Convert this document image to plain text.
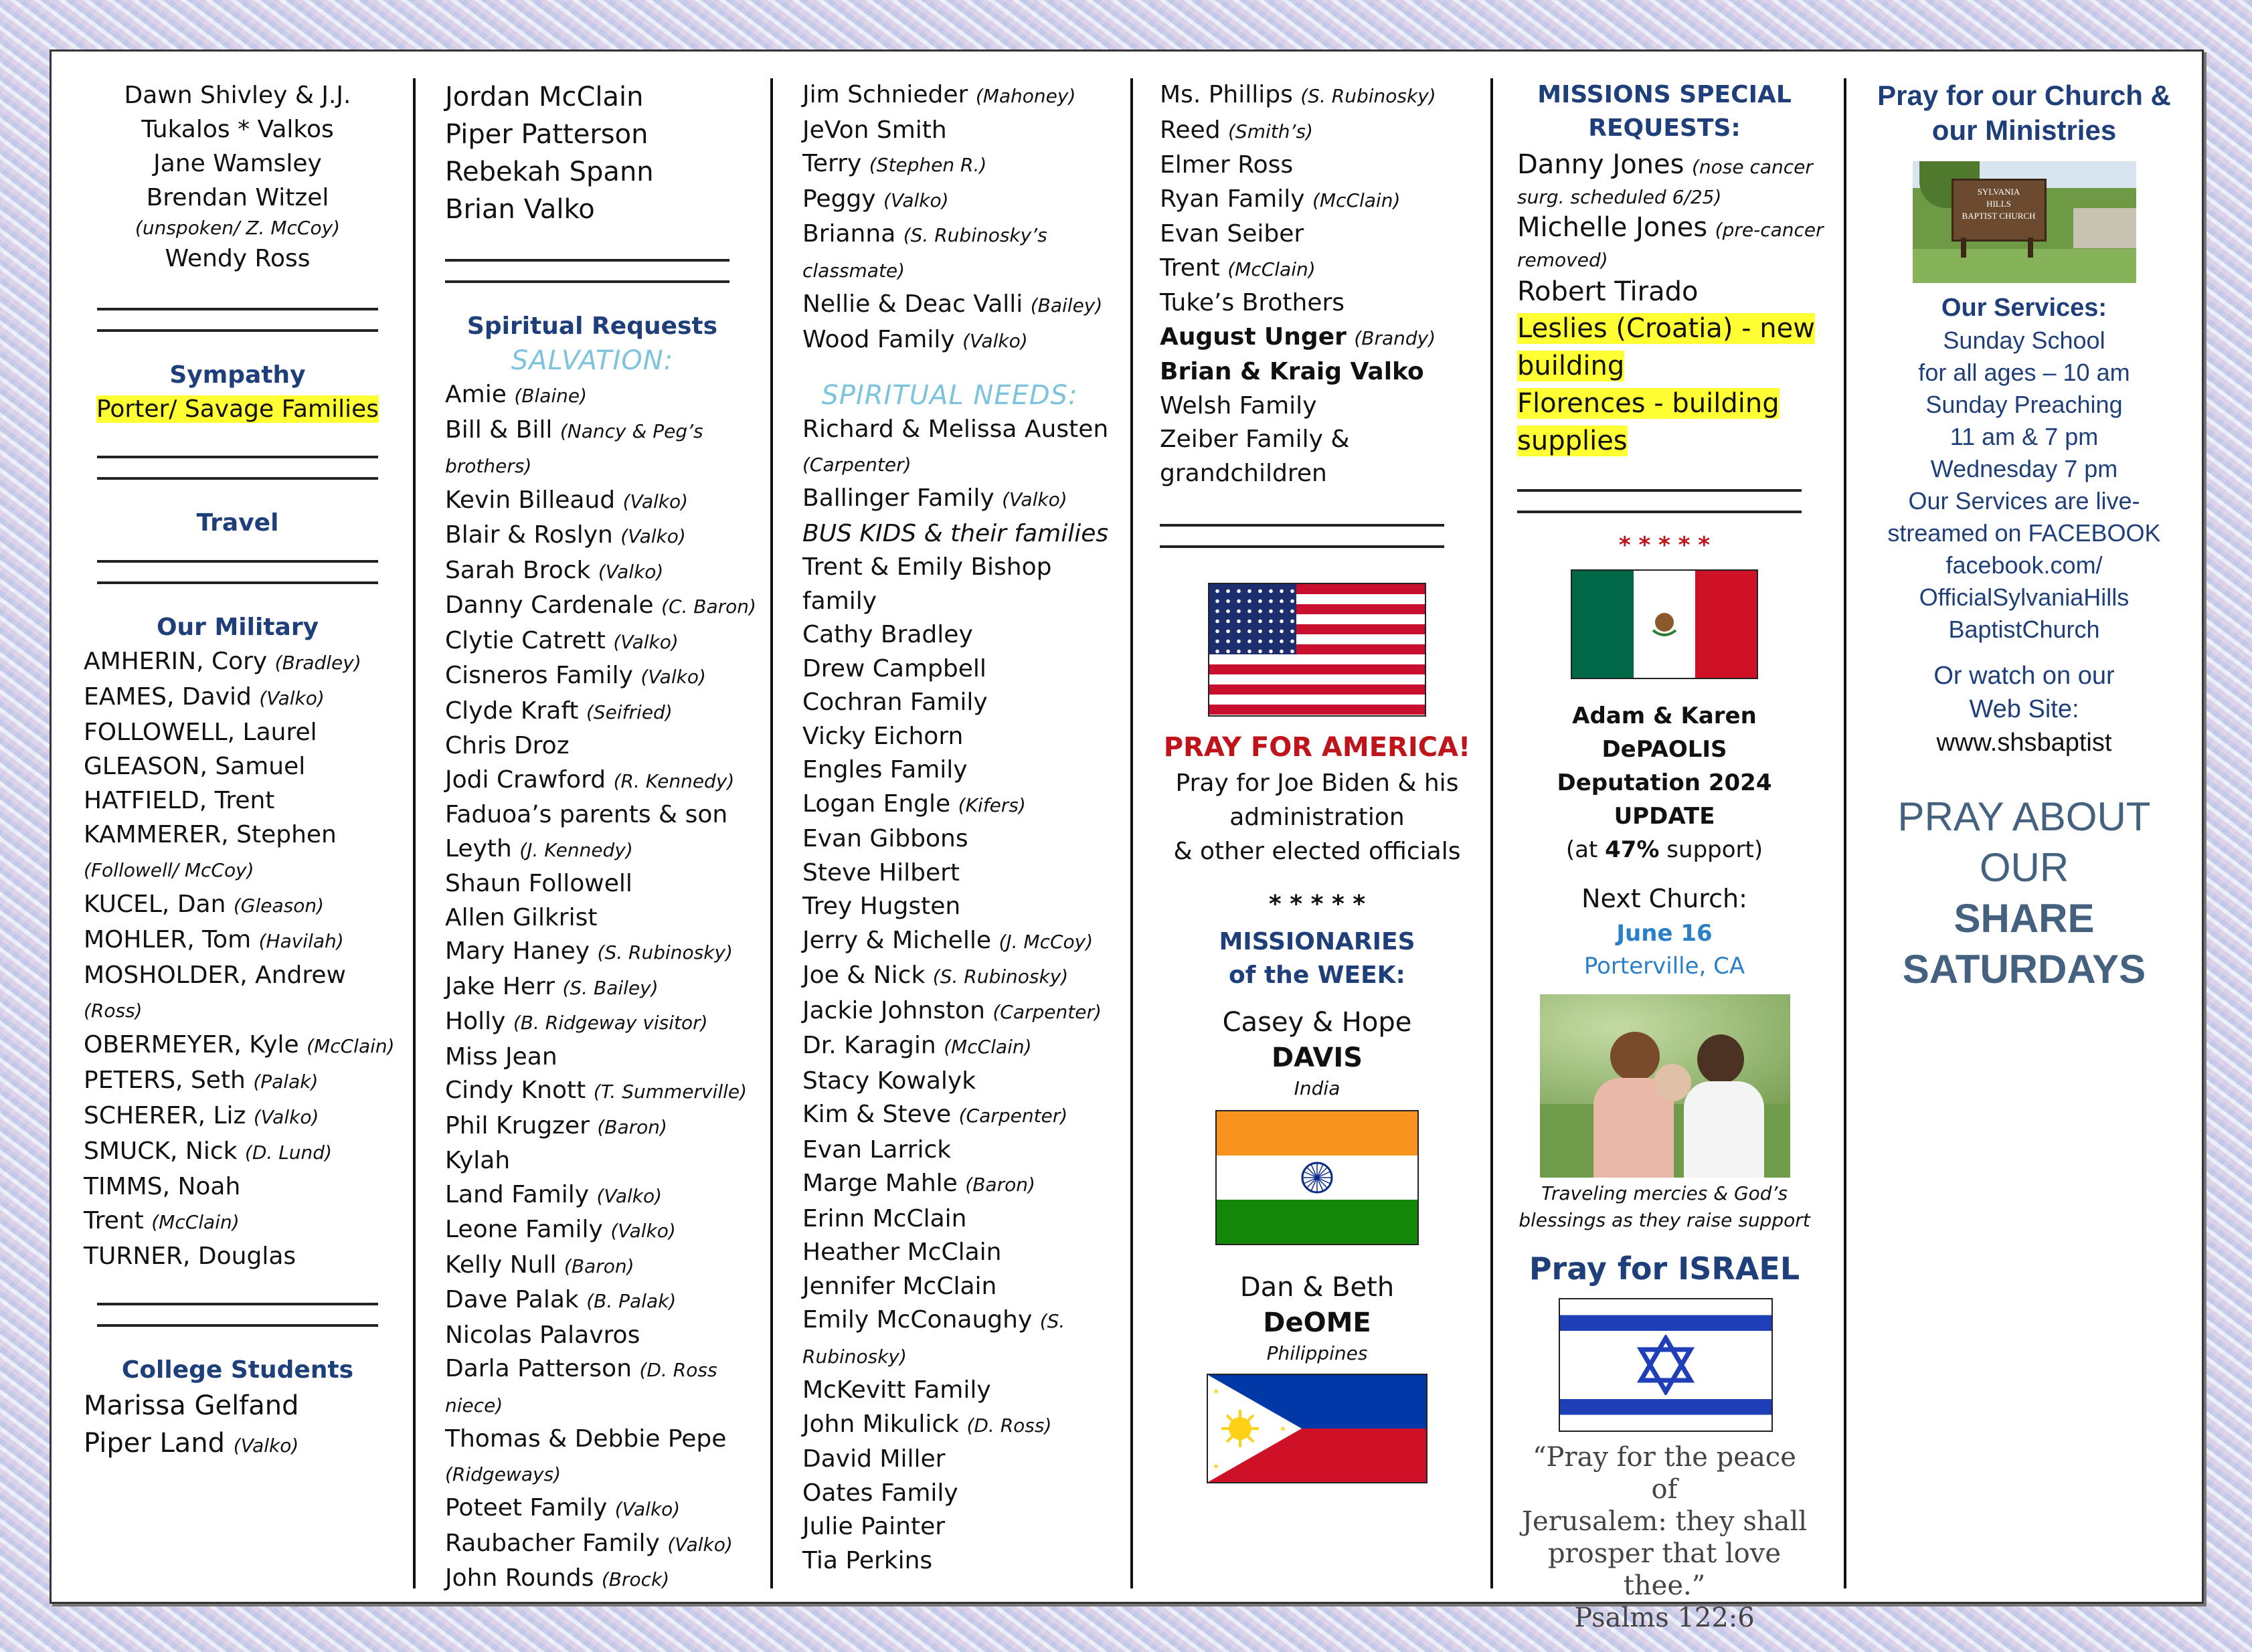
Dawn Shivley & J.J.
Tukalos * Valkos
Jane Wamsley
Brendan Witzel
(unspoken/ Z. McCoy)
Wendy Ross
Sympathy
Porter/ Savage Families
Travel
Our Military
AMHERIN, Cory (Bradley)
EAMES, David (Valko)
FOLLOWELL, Laurel
GLEASON, Samuel
HATFIELD, Trent
KAMMERER, Stephen
(Followell/ McCoy)
KUCEL, Dan (Gleason)
MOHLER, Tom (Havilah)
MOSHOLDER, Andrew
(Ross)
OBERMEYER, Kyle (McClain)
PETERS, Seth (Palak)
SCHERER, Liz (Valko)
SMUCK, Nick (D. Lund)
TIMMS, Noah
Trent (McClain)
TURNER, Douglas
College Students
Marissa Gelfand
Piper Land (Valko)
Jordan McClain
Piper Patterson
Rebekah Spann
Brian Valko
Spiritual Requests
SALVATION:
Amie (Blaine)
Bill & Bill (Nancy & Peg’s
brothers)
Kevin Billeaud (Valko)
Blair & Roslyn (Valko)
Sarah Brock (Valko)
Danny Cardenale (C. Baron)
Clytie Catrett (Valko)
Cisneros Family (Valko)
Clyde Kraft (Seifried)
Chris Droz
Jodi Crawford (R. Kennedy)
Faduoa’s parents & son
Leyth (J. Kennedy)
Shaun Followell
Allen Gilkrist
Mary Haney (S. Rubinosky)
Jake Herr (S. Bailey)
Holly (B. Ridgeway visitor)
Miss Jean
Cindy Knott (T. Summerville)
Phil Krugzer (Baron)
Kylah
Land Family (Valko)
Leone Family (Valko)
Kelly Null (Baron)
Dave Palak (B. Palak)
Nicolas Palavros
Darla Patterson (D. Ross
niece)
Thomas & Debbie Pepe
(Ridgeways)
Poteet Family (Valko)
Raubacher Family (Valko)
John Rounds (Brock)
Jim Schnieder (Mahoney)
JeVon Smith
Terry (Stephen R.)
Peggy (Valko)
Brianna (S. Rubinosky’s
classmate)
Nellie & Deac Valli (Bailey)
Wood Family (Valko)
SPIRITUAL NEEDS:
Richard & Melissa Austen
(Carpenter)
Ballinger Family (Valko)
BUS KIDS & their families
Trent & Emily Bishop
family
Cathy Bradley
Drew Campbell
Cochran Family
Vicky Eichorn
Engles Family
Logan Engle (Kifers)
Evan Gibbons
Steve Hilbert
Trey Hugsten
Jerry & Michelle (J. McCoy)
Joe & Nick (S. Rubinosky)
Jackie Johnston (Carpenter)
Dr. Karagin (McClain)
Stacy Kowalyk
Kim & Steve (Carpenter)
Evan Larrick
Marge Mahle (Baron)
Erinn McClain
Heather McClain
Jennifer McClain
Emily McConaughy (S.
Rubinosky)
McKevitt Family
John Mikulick (D. Ross)
David Miller
Oates Family
Julie Painter
Tia Perkins
Ms. Phillips (S. Rubinosky)
Reed (Smith’s)
Elmer Ross
Ryan Family (McClain)
Evan Seiber
Trent (McClain)
Tuke’s Brothers
August Unger (Brandy)
Brian & Kraig Valko
Welsh Family
Zeiber Family &
grandchildren
PRAY FOR AMERICA!
Pray for Joe Biden & his
administration
& other elected officials
* * * * *
MISSIONARIES
of the WEEK:
Casey & Hope
DAVIS
India
Dan & Beth
DeOME
Philippines
MISSIONS SPECIAL
REQUESTS:
Danny Jones (nose cancer
surg. scheduled 6/25)
Michelle Jones (pre-cancer
removed)
Robert Tirado
Leslies (Croatia) - new
building
Florences - building
supplies
* * * * *
Adam & Karen DePAOLIS
Deputation 2024 UPDATE
(at 47% support)
Next Church:
June 16
Porterville, CA
Traveling mercies & God’s
blessings as they raise support
Pray for ISRAEL
“Pray for the peace of
Jerusalem: they shall
prosper that love thee.”
Psalms 122:6
Pray for our Church &
our Ministries
SYLVANIA
HILLS
BAPTIST CHURCH
Our Services:
Sunday School
for all ages – 10 am
Sunday Preaching
11 am & 7 pm
Wednesday 7 pm
Our Services are live-
streamed on FACEBOOK
facebook.com/
OfficialSylvaniaHills
BaptistChurch
Or watch on our
Web Site:
www.shsbaptist
PRAY ABOUT
OUR
SHARE
SATURDAYS
